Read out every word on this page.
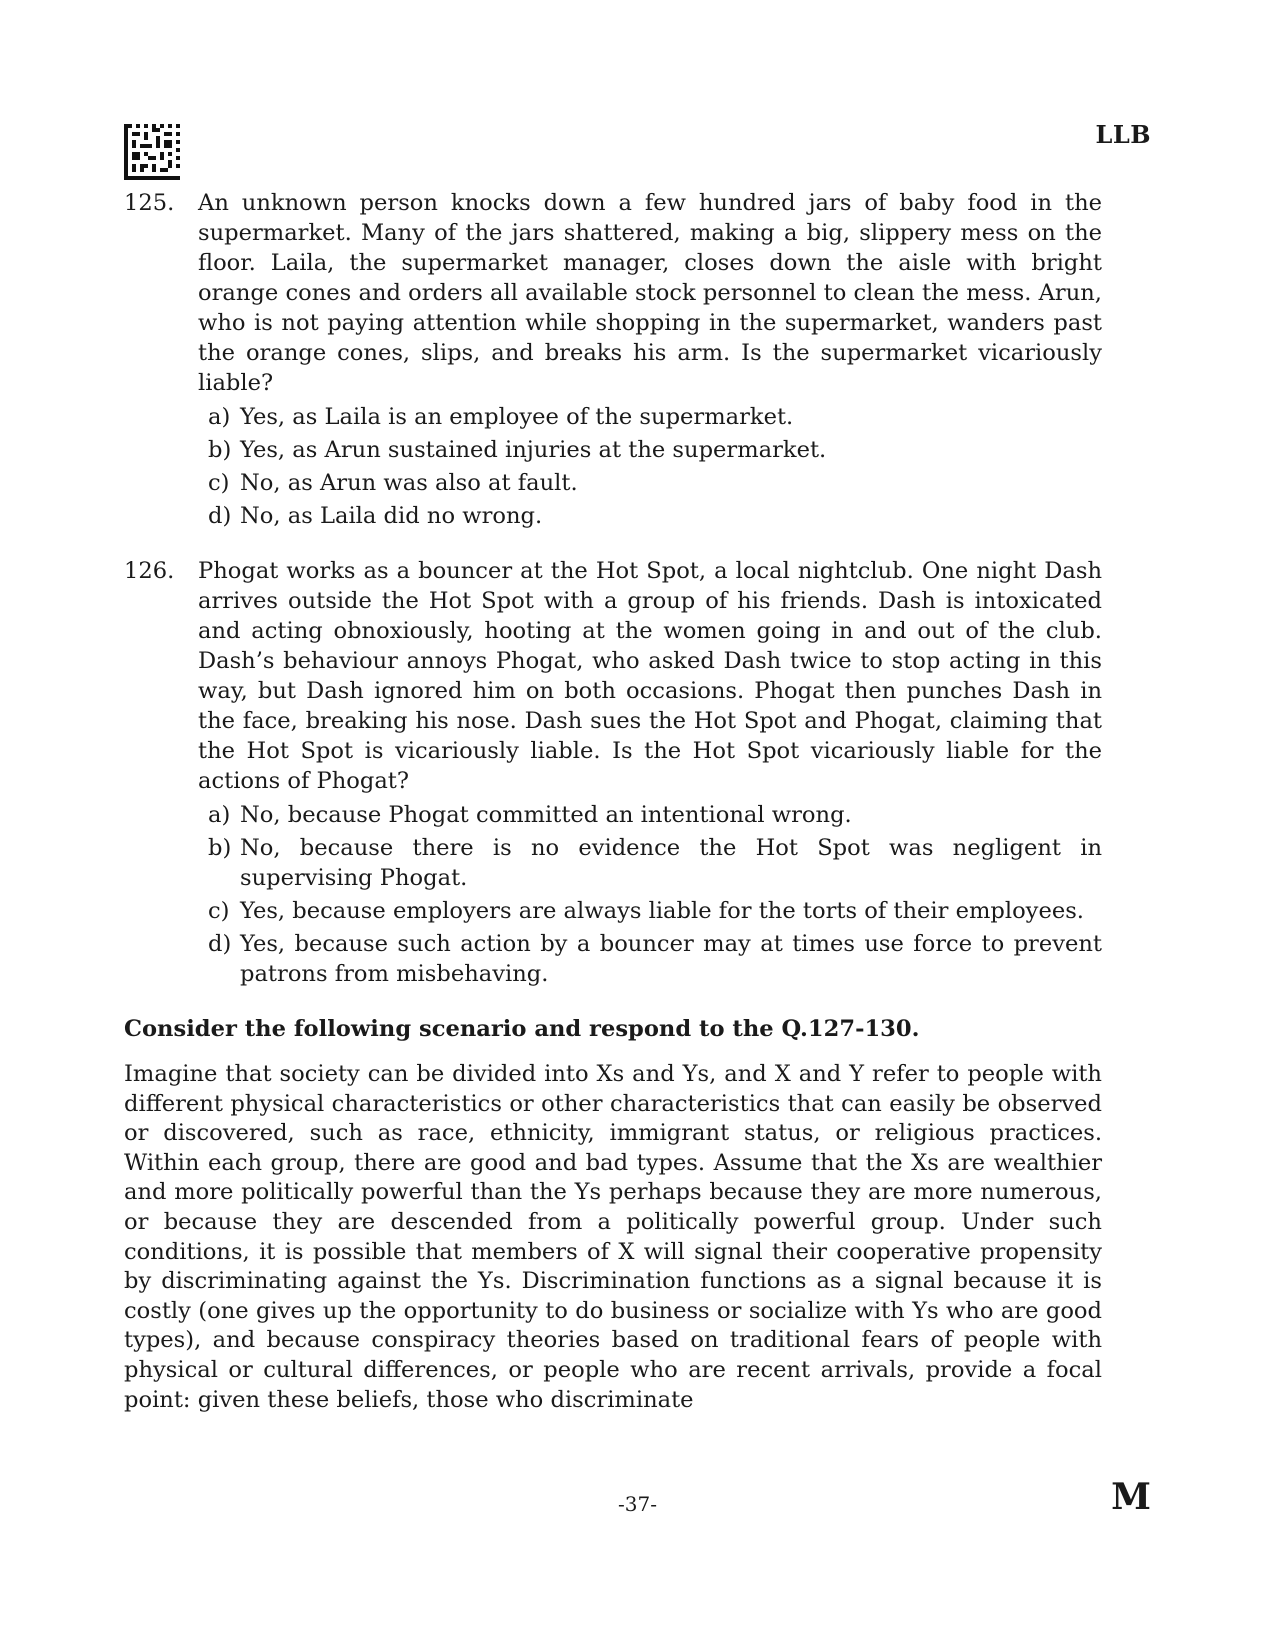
LLB
125.	An unknown person knocks down a few hundred jars of baby food in the supermarket. Many of the jars shattered, making a big, slippery mess on the floor. Laila, the supermarket manager, closes down the aisle with bright orange cones and orders all available stock personnel to clean the mess. Arun, who is not paying attention while shopping in the supermarket, wanders past the orange cones, slips, and breaks his arm. Is the supermarket vicariously liable?

a) Yes, as Laila is an employee of the supermarket.
b) Yes, as Arun sustained injuries at the supermarket.
c) No, as Arun was also at fault.
d) No, as Laila did no wrong.
126.	Phogat works as a bouncer at the Hot Spot, a local nightclub. One night Dash arrives outside the Hot Spot with a group of his friends. Dash is intoxicated and acting obnoxiously, hooting at the women going in and out of the club. Dash’s behaviour annoys Phogat, who asked Dash twice to stop acting in this way, but Dash ignored him on both occasions. Phogat then punches Dash in the face, breaking his nose. Dash sues the Hot Spot and Phogat, claiming that the Hot Spot is vicariously liable. Is the Hot Spot vicariously liable for the actions of Phogat?

a) No, because Phogat committed an intentional wrong.
b) No, because there is no evidence the Hot Spot was negligent in supervising Phogat.
c) Yes, because employers are always liable for the torts of their employees.
d) Yes, because such action by a bouncer may at times use force to prevent patrons from misbehaving.
Consider the following scenario and respond to the Q.127-130.

Imagine that society can be divided into Xs and Ys, and X and Y refer to people with different physical characteristics or other characteristics that can easily be observed or discovered, such as race, ethnicity, immigrant status, or religious practices. Within each group, there are good and bad types. Assume that the Xs are wealthier and more politically powerful than the Ys perhaps because they are more numerous, or because they are descended from a politically powerful group. Under such conditions, it is possible that members of X will signal their cooperative propensity by discriminating against the Ys. Discrimination functions as a signal because it is costly (one gives up the opportunity to do business or socialize with Ys who are good types), and because conspiracy theories based on traditional fears of people with physical or cultural differences, or people who are recent arrivals, provide a focal point: given these beliefs, those who discriminate

-37-	M
